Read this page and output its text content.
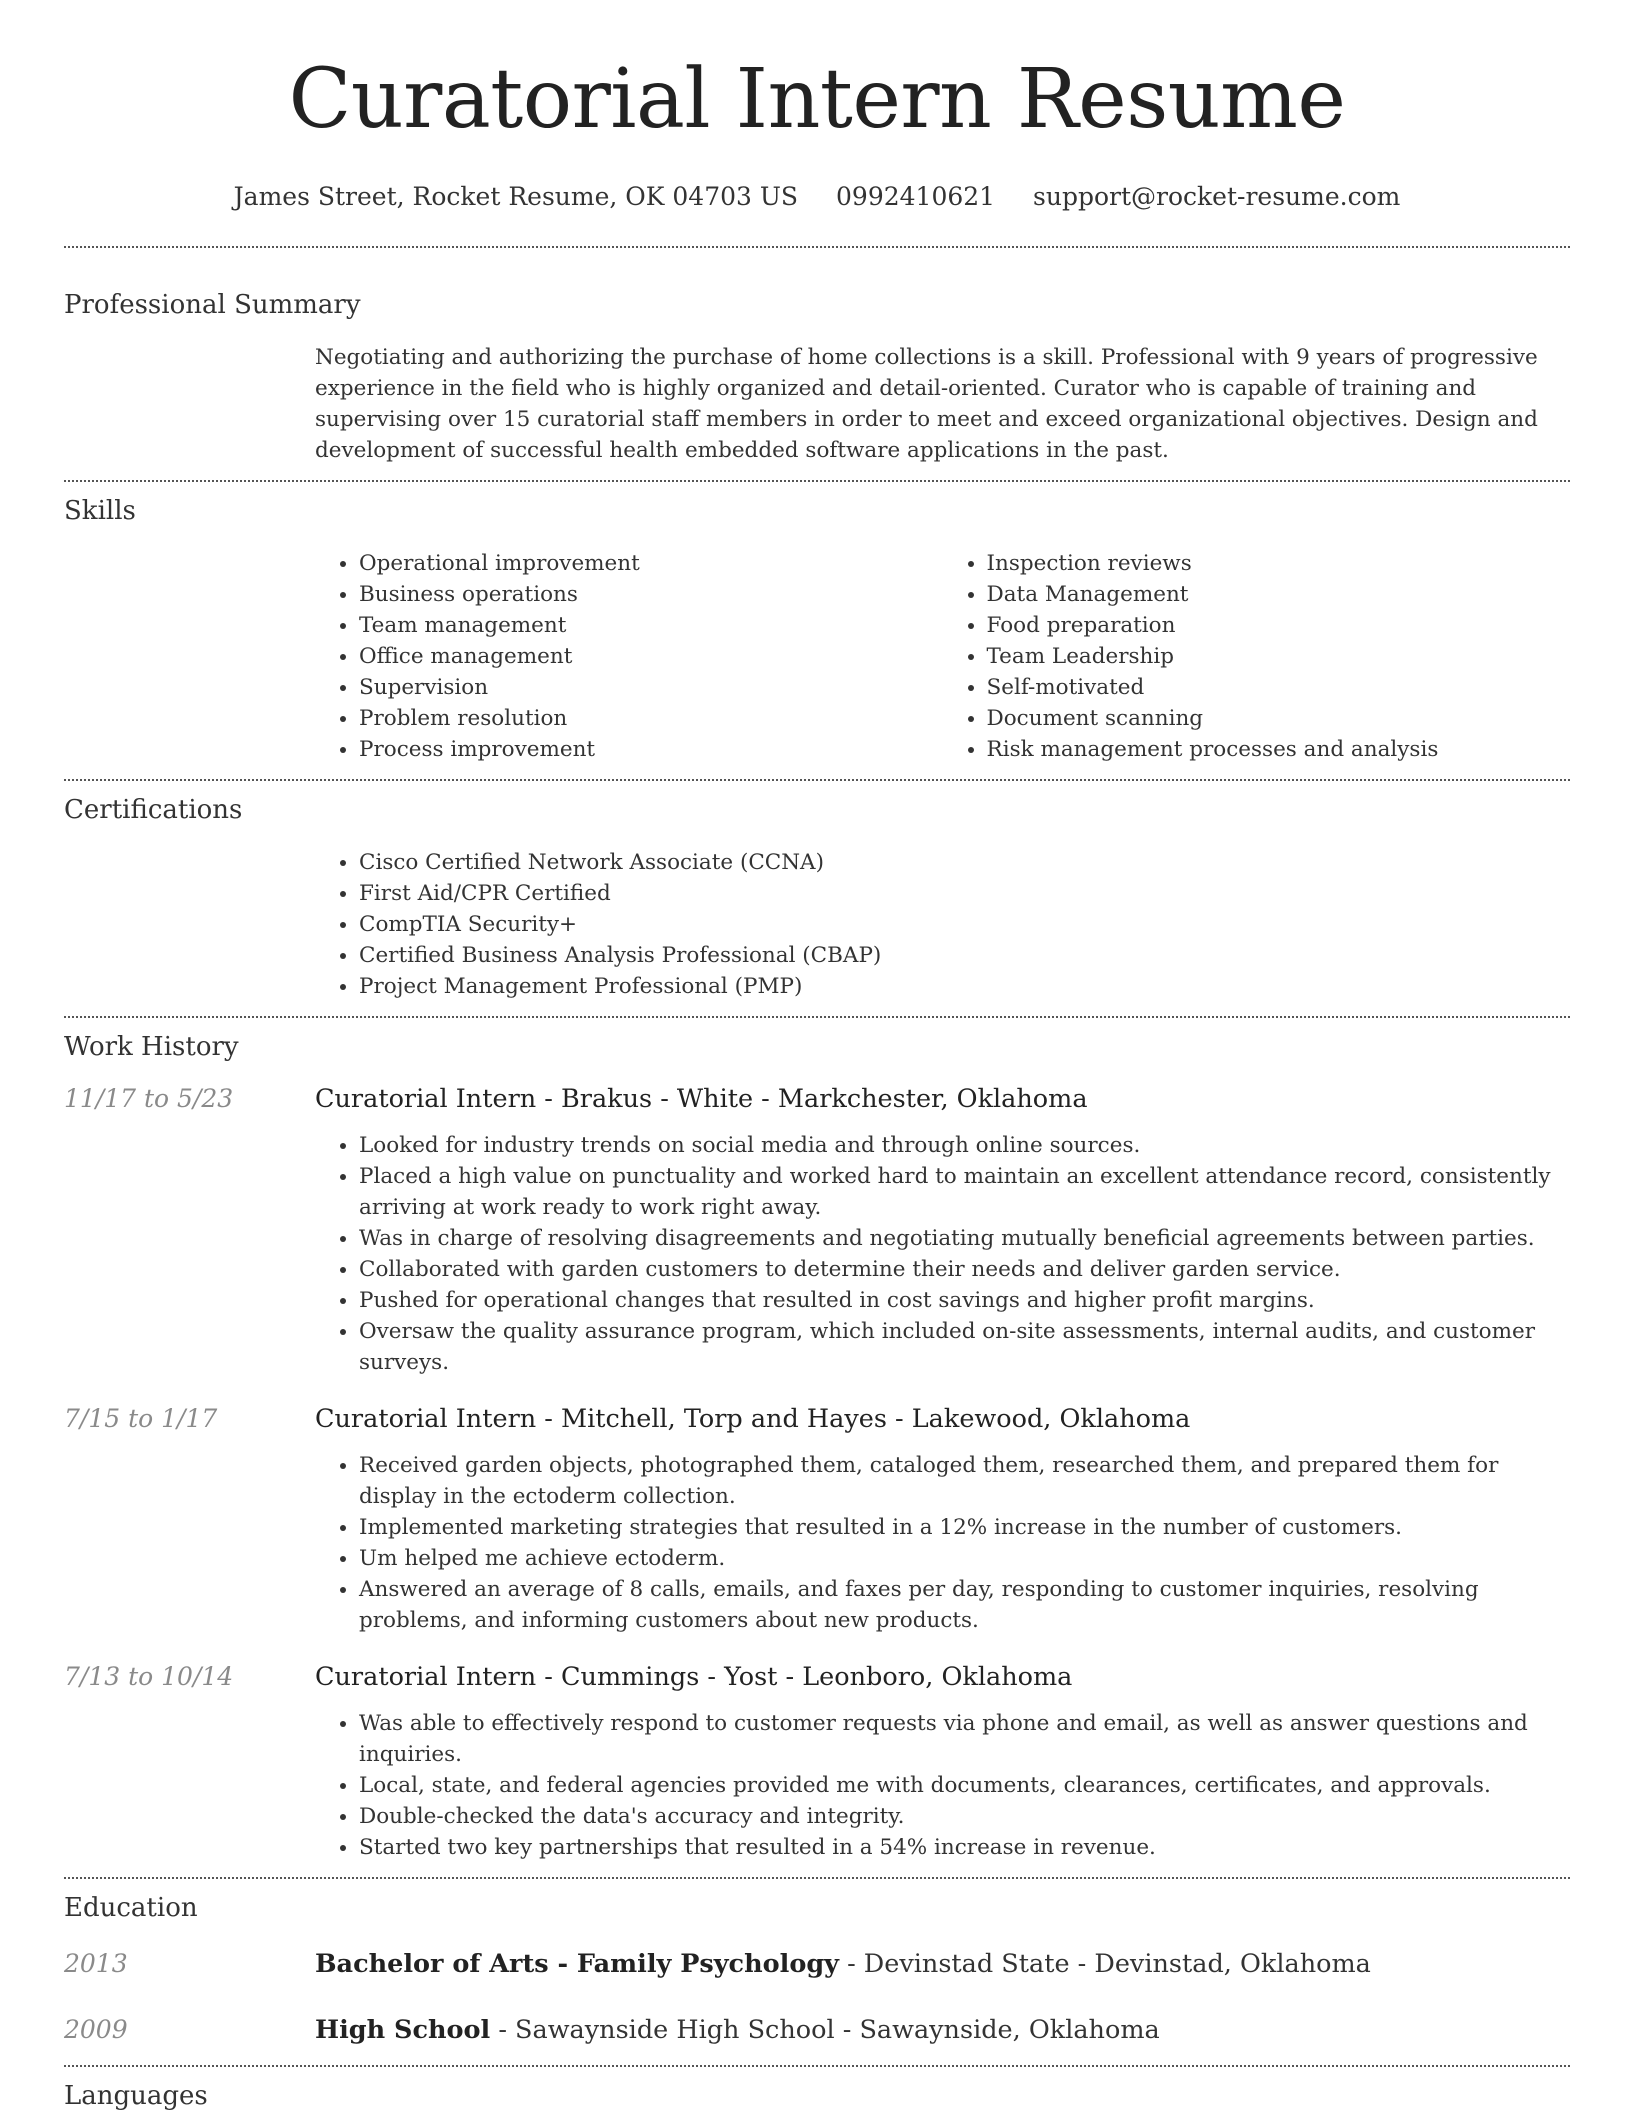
Curatorial Intern Resume
James Street, Rocket Resume, OK 04703 US 0992410621 support@rocket-resume.com
Professional Summary
Negotiating and authorizing the purchase of home collections is a skill. Professional with 9 years of progressive experience in the field who is highly organized and detail-oriented. Curator who is capable of training and supervising over 15 curatorial staff members in order to meet and exceed organizational objectives. Design and development of successful health embedded software applications in the past.
Skills
• Operational improvement
• Business operations
• Team management
• Office management
• Supervision
• Problem resolution
• Process improvement
• Inspection reviews
• Data Management
• Food preparation
• Team Leadership
• Self-motivated
• Document scanning
• Risk management processes and analysis
Certifications
• Cisco Certified Network Associate (CCNA)
• First Aid/CPR Certified
• CompTIA Security+
• Certified Business Analysis Professional (CBAP)
• Project Management Professional (PMP)
Work History
11/17 to 5/23	Curatorial Intern - Brakus - White - Markchester, Oklahoma
• Looked for industry trends on social media and through online sources.
• Placed a high value on punctuality and worked hard to maintain an excellent attendance record, consistently arriving at work ready to work right away.
• Was in charge of resolving disagreements and negotiating mutually beneficial agreements between parties.
• Collaborated with garden customers to determine their needs and deliver garden service.
• Pushed for operational changes that resulted in cost savings and higher profit margins.
• Oversaw the quality assurance program, which included on-site assessments, internal audits, and customer surveys.
7/15 to 1/17	Curatorial Intern - Mitchell, Torp and Hayes - Lakewood, Oklahoma
• Received garden objects, photographed them, cataloged them, researched them, and prepared them for display in the ectoderm collection.
• Implemented marketing strategies that resulted in a 12% increase in the number of customers.
• Um helped me achieve ectoderm.
• Answered an average of 8 calls, emails, and faxes per day, responding to customer inquiries, resolving problems, and informing customers about new products.
7/13 to 10/14	Curatorial Intern - Cummings - Yost - Leonboro, Oklahoma
• Was able to effectively respond to customer requests via phone and email, as well as answer questions and inquiries.
• Local, state, and federal agencies provided me with documents, clearances, certificates, and approvals.
• Double-checked the data's accuracy and integrity.
• Started two key partnerships that resulted in a 54% increase in revenue.
Education
2013	Bachelor of Arts - Family Psychology - Devinstad State - Devinstad, Oklahoma
2009	High School - Sawaynside High School - Sawaynside, Oklahoma
Languages
